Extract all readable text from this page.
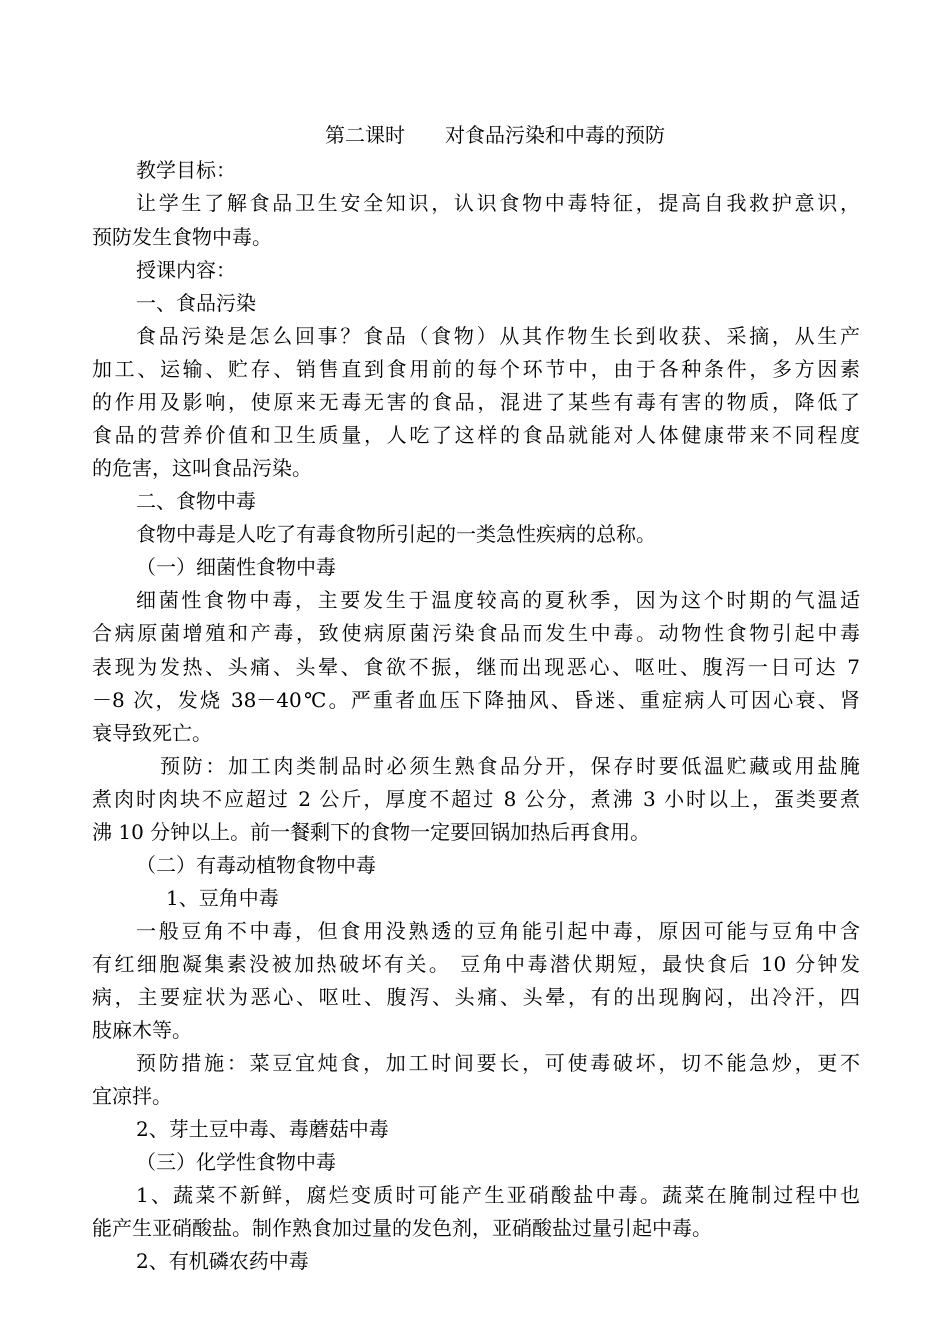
第二课时　　对食品污染和中毒的预防
教学目标：
让学生了解食品卫生安全知识，认识食物中毒特征，提高自我救护意识，
预防发生食物中毒。
授课内容：
一、食品污染
食品污染是怎么回事？食品（食物）从其作物生长到收获、采摘，从生产
加工、运输、贮存、销售直到食用前的每个环节中，由于各种条件，多方因素
的作用及影响，使原来无毒无害的食品，混进了某些有毒有害的物质，降低了
食品的营养价值和卫生质量，人吃了这样的食品就能对人体健康带来不同程度
的危害，这叫食品污染。
二、食物中毒
食物中毒是人吃了有毒食物所引起的一类急性疾病的总称。
（一）细菌性食物中毒
细菌性食物中毒，主要发生于温度较高的夏秋季，因为这个时期的气温适
合病原菌增殖和产毒，致使病原菌污染食品而发生中毒。动物性食物引起中毒
表现为发热、头痛、头晕、食欲不振，继而出现恶心、呕吐、腹泻一日可达 7
－8 次，发烧 38－40℃。严重者血压下降抽风、昏迷、重症病人可因心衰、肾
衰导致死亡。
预防：加工肉类制品时必须生熟食品分开，保存时要低温贮藏或用盐腌
煮肉时肉块不应超过 2 公斤，厚度不超过 8 公分，煮沸 3 小时以上，蛋类要煮
沸 10 分钟以上。前一餐剩下的食物一定要回锅加热后再食用。
（二）有毒动植物食物中毒
1、豆角中毒
一般豆角不中毒，但食用没熟透的豆角能引起中毒，原因可能与豆角中含
有红细胞凝集素没被加热破坏有关。 豆角中毒潜伏期短，最快食后 10 分钟发
病，主要症状为恶心、呕吐、腹泻、头痛、头晕，有的出现胸闷，出冷汗，四
肢麻木等。
预防措施：菜豆宜炖食，加工时间要长，可使毒破坏，切不能急炒，更不
宜凉拌。
2、芽土豆中毒、毒蘑菇中毒
（三）化学性食物中毒
1、蔬菜不新鲜，腐烂变质时可能产生亚硝酸盐中毒。蔬菜在腌制过程中也
能产生亚硝酸盐。制作熟食加过量的发色剂，亚硝酸盐过量引起中毒。
2、有机磷农药中毒
